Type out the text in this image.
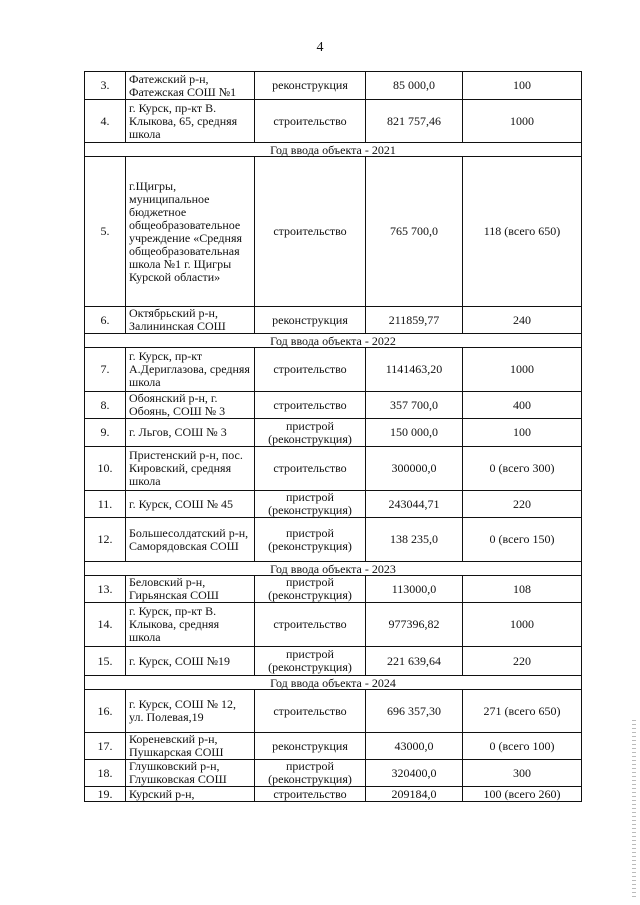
4
3.	Фатежский р-н, Фатежская СОШ №1	реконструкция	85 000,0	100
4.	г. Курск, пр-кт В. Клыкова, 65, средняя школа	строительство	821 757,46	1000
Год ввода объекта - 2021				
5.	г.Щигры, муниципальное бюджетное общеобразовательное учреждение «Средняя общеобразовательная школа №1 г. Щигры Курской области»	строительство	765 700,0	118 (всего 650)
6.	Октябрьский р-н, Залининская СОШ	реконструкция	211859,77	240
Год ввода объекта - 2022				
7.	г. Курск, пр-кт А.Дериглазова, средняя школа	строительство	1141463,20	1000
8.	Обоянский р-н, г. Обоянь, СОШ № 3	строительство	357 700,0	400
9.	г. Льгов, СОШ № 3	пристрой (реконструкция)	150 000,0	100
10.	Пристенский р-н, пос. Кировский, средняя школа	строительство	300000,0	0 (всего 300)
11.	г. Курск, СОШ № 45	пристрой (реконструкция)	243044,71	220
12.	Большесолдатский р-н, Саморядовская СОШ	пристрой (реконструкция)	138 235,0	0 (всего 150)
Год ввода объекта - 2023				
13.	Беловский р-н, Гирьянская СОШ	пристрой (реконструкция)	113000,0	108
14.	г. Курск, пр-кт В. Клыкова, средняя школа	строительство	977396,82	1000
15.	г. Курск, СОШ №19	пристрой (реконструкция)	221 639,64	220
Год ввода объекта - 2024				
16.	г. Курск, СОШ № 12, ул. Полевая,19	строительство	696 357,30	271 (всего 650)
17.	Кореневский р-н, Пушкарская СОШ	реконструкция	43000,0	0 (всего 100)
18.	Глушковский р-н, Глушковская СОШ	пристрой (реконструкция)	320400,0	300
19.	Курский р-н,	строительство	209184,0	100 (всего 260)
